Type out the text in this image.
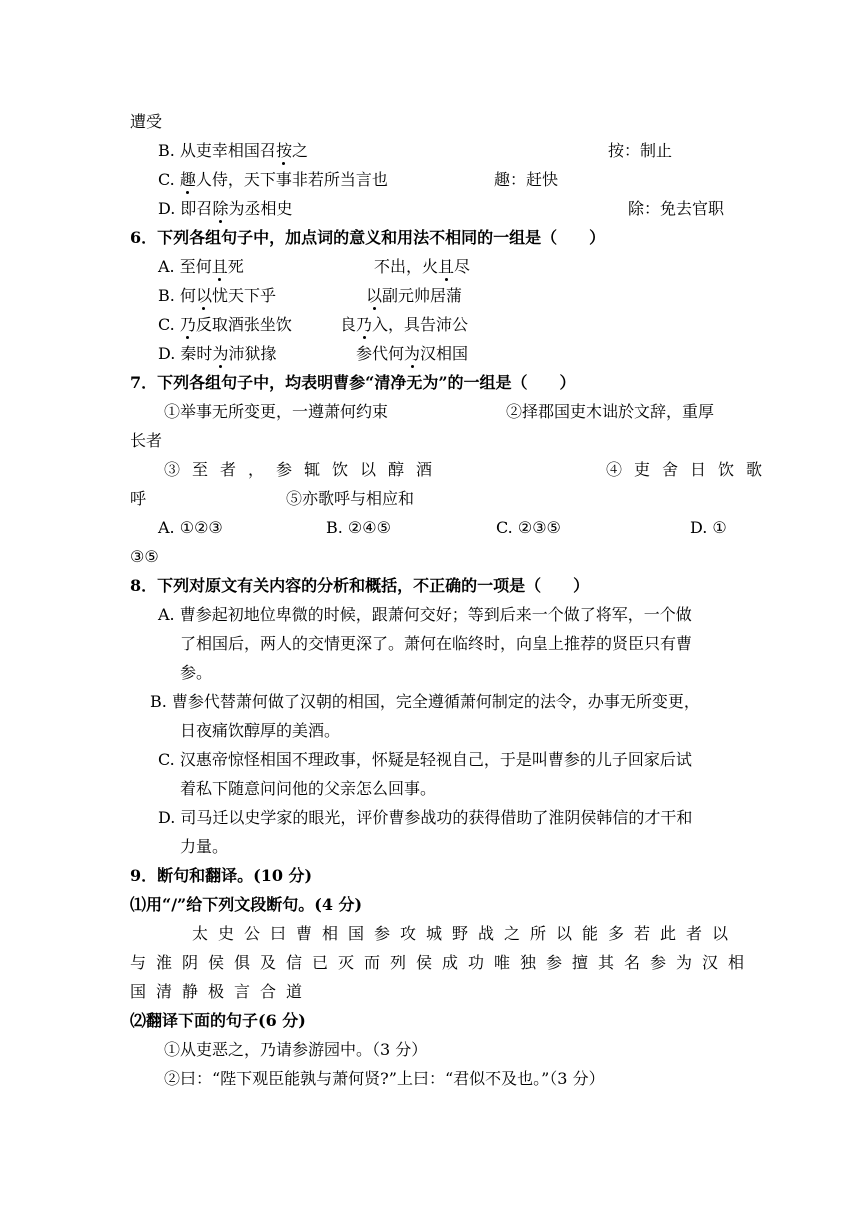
遭受
B. 从吏幸相国召按之	按：制止
C. 趣人侍，天下事非若所当言也	趣：赶快
D. 即召除为丞相史	除：免去官职
6．下列各组句子中，加点词的意义和用法不相同的一组是（　　）
A. 至何且死	不出，火且尽
B. 何以忧天下乎	以副元帅居蒲
C. 乃反取酒张坐饮	良乃入，具告沛公
D. 秦时为沛狱掾	参代何为汉相国
7．下列各组句子中，均表明曹参“清净无为”的一组是（　　）
①举事无所变更，一遵萧何约束	②择郡国吏木诎於文辞，重厚
长者
③至者，参辄饮以醇酒	④吏舍日饮歌
呼	⑤亦歌呼与相应和
A. ①②③	B. ②④⑤	C. ②③⑤	D. ①
③⑤
8．下列对原文有关内容的分析和概括，不正确的一项是（　　）
A. 曹参起初地位卑微的时候，跟萧何交好；等到后来一个做了将军，一个做
了相国后，两人的交情更深了。萧何在临终时，向皇上推荐的贤臣只有曹
参。
B. 曹参代替萧何做了汉朝的相国，完全遵循萧何制定的法令，办事无所变更，
日夜痛饮醇厚的美酒。
C. 汉惠帝惊怪相国不理政事，怀疑是轻视自己，于是叫曹参的儿子回家后试
着私下随意问问他的父亲怎么回事。
D. 司马迁以史学家的眼光，评价曹参战功的获得借助了淮阴侯韩信的才干和
力量。
9．断句和翻译。(10 分)
⑴用“/”给下列文段断句。(4 分)
太史公曰曹相国参攻城野战之所以能多若此者以
与淮阴侯俱及信已灭而列侯成功唯独参擅其名参为汉相
国清静极言合道
⑵翻译下面的句子(6 分)
①从吏恶之，乃请参游园中。（3 分）
②曰：“陛下观臣能孰与萧何贤?”上曰：“君似不及也。”（3 分）
